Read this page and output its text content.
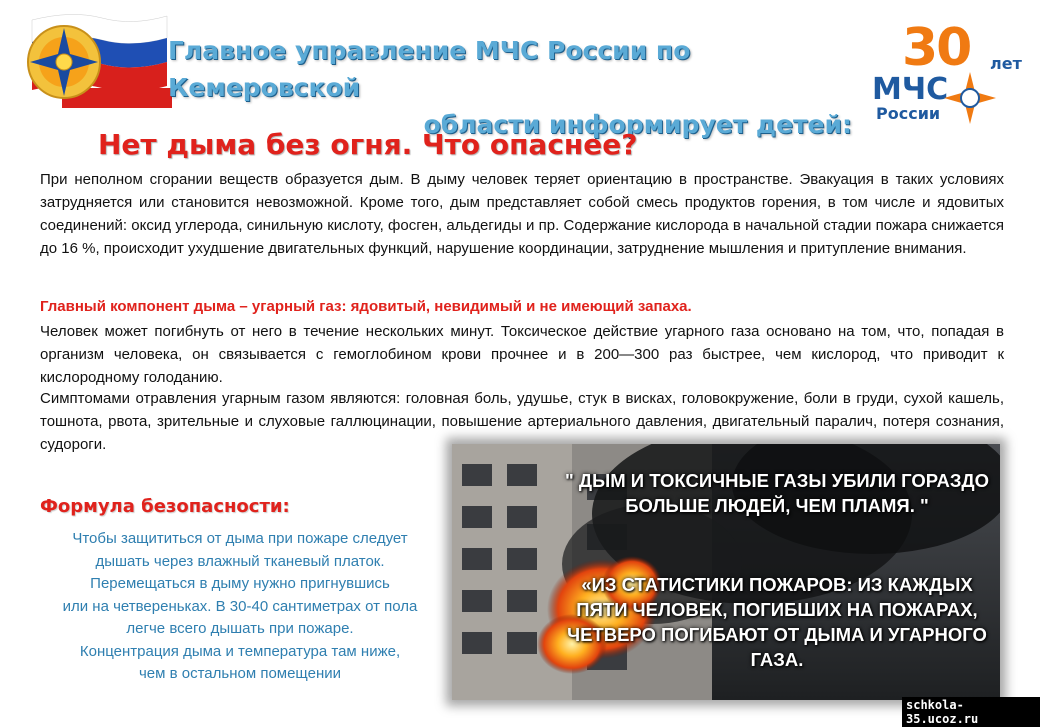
Главное управление МЧС России по Кемеровской
области информирует детей:
30 лет
МЧС
России
Нет дыма без огня. Что опаснее?
При неполном сгорании веществ образуется дым. В дыму человек теряет ориентацию в пространстве. Эвакуация в таких условиях затрудняется или становится невозможной. Кроме того, дым представляет собой смесь продуктов горения, в том числе и ядовитых соединений: оксид углерода, синильную кислоту, фосген, альдегиды и пр. Содержание кислорода в начальной стадии пожара снижается до 16 %, происходит ухудшение двигательных функций, нарушение координации, затруднение мышления и притупление внимания.
Главный компонент дыма – угарный газ: ядовитый, невидимый и не имеющий запаха.
Человек может погибнуть от него в течение нескольких минут. Токсическое действие угарного газа основано на том, что, попадая в организм человека, он связывается с гемоглобином крови прочнее и в 200—300 раз быстрее, чем кислород, что приводит к кислородному голоданию.
Симптомами отравления угарным газом являются: головная боль, удушье, стук в висках, головокружение, боли в груди, сухой кашель, тошнота, рвота, зрительные и слуховые галлюцинации, повышение артериального давления, двигательный паралич, потеря сознания, судороги.
Формула безопасности:
Чтобы защититься от дыма при пожаре следует
дышать через влажный тканевый платок.
Перемещаться в дыму нужно пригнувшись
или на четвереньках. В 30-40 сантиметрах от пола
легче всего дышать при пожаре.
Концентрация дыма и температура там ниже,
чем в остальном помещении
" ДЫМ И ТОКСИЧНЫЕ ГАЗЫ УБИЛИ ГОРАЗДО БОЛЬШЕ ЛЮДЕЙ, ЧЕМ ПЛАМЯ. "
«ИЗ СТАТИСТИКИ ПОЖАРОВ: ИЗ КАЖДЫХ ПЯТИ ЧЕЛОВЕК, ПОГИБШИХ НА ПОЖАРАХ, ЧЕТВЕРО ПОГИБАЮТ ОТ ДЫМА И УГАРНОГО ГАЗА.
schkola-35.ucoz.ru
